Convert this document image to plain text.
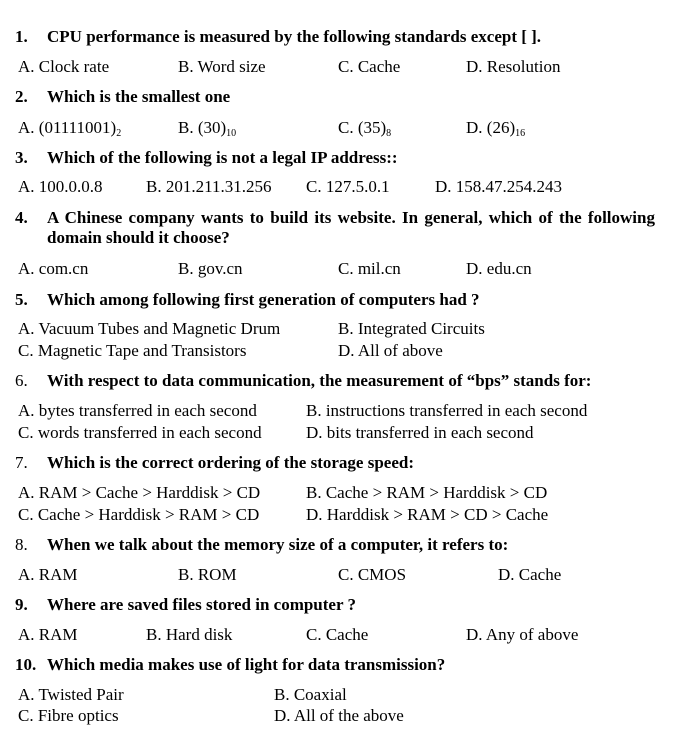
1. CPU performance is measured by the following standards except [ ].
A. Clock rate	B. Word size	C. Cache	D. Resolution
2. Which is the smallest one
A. $(01111001)_2$	B. $(30)_{10}$	C. $(35)_8$	D. $(26)_{16}$
3. Which of the following is not a legal IP address::
A. 100.0.0.8	B. 201.211.31.256 C. 127.5.0.1	D. 158.47.254.243
4. A Chinese company wants to build its website. In general, which of the following domain should it choose?
A. com.cn	B. gov.cn	C. mil.cn	D. edu.cn
5. Which among following first generation of computers had ?
A. Vacuum Tubes and Magnetic Drum	B. Integrated Circuits
C. Magnetic Tape and Transistors	D. All of above
6. With respect to data communication, the measurement of “bps” stands for:
A. bytes transferred in each second	B. instructions transferred in each second
C. words transferred in each second	D. bits transferred in each second
7. Which is the correct ordering of the storage speed:
A. RAM > Cache > Harddisk > CD	B. Cache > RAM > Harddisk > CD
C. Cache > Harddisk > RAM > CD	D. Harddisk > RAM > CD > Cache
8. When we talk about the memory size of a computer, it refers to:
A. RAM	B. ROM	C. CMOS	D. Cache
9. Where are saved files stored in computer ?
A. RAM	B. Hard disk	C. Cache	D. Any of above
10. Which media makes use of light for data transmission?
A. Twisted Pair	B. Coaxial
C. Fibre optics	D. All of the above
